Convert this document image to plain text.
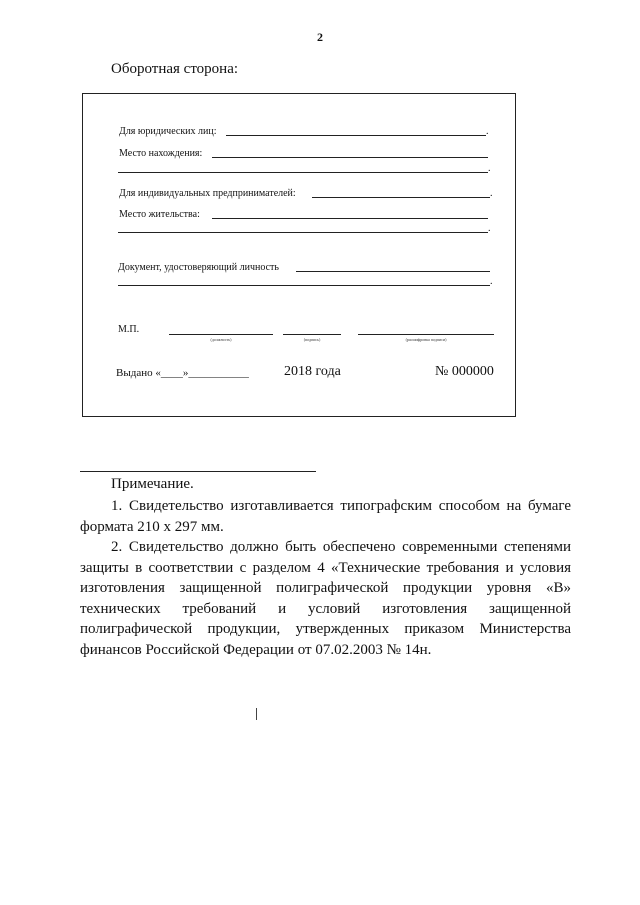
2
Оборотная сторона:
Для юридических лиц:	.
Место нахождения:
.
Для индивидуальных предпринимателей:	.
Место жительства:
.
Документ, удостоверяющий личность
.
М.П.
(должность)	(подпись)	(расшифровка подписи)
Выдано «____»___________	2018 года	№ 000000
Примечание.
1. Свидетельство изготавливается типографским способом на бумаге формата 210 x 297 мм.
2. Свидетельство должно быть обеспечено современными степенями защиты в соответствии с разделом 4 «Технические требования и условия изготовления защищенной полиграфической продукции уровня «В» технических требований и условий изготовления защищенной полиграфической продукции, утвержденных приказом Министерства финансов Российской Федерации от 07.02.2003 № 14н.
